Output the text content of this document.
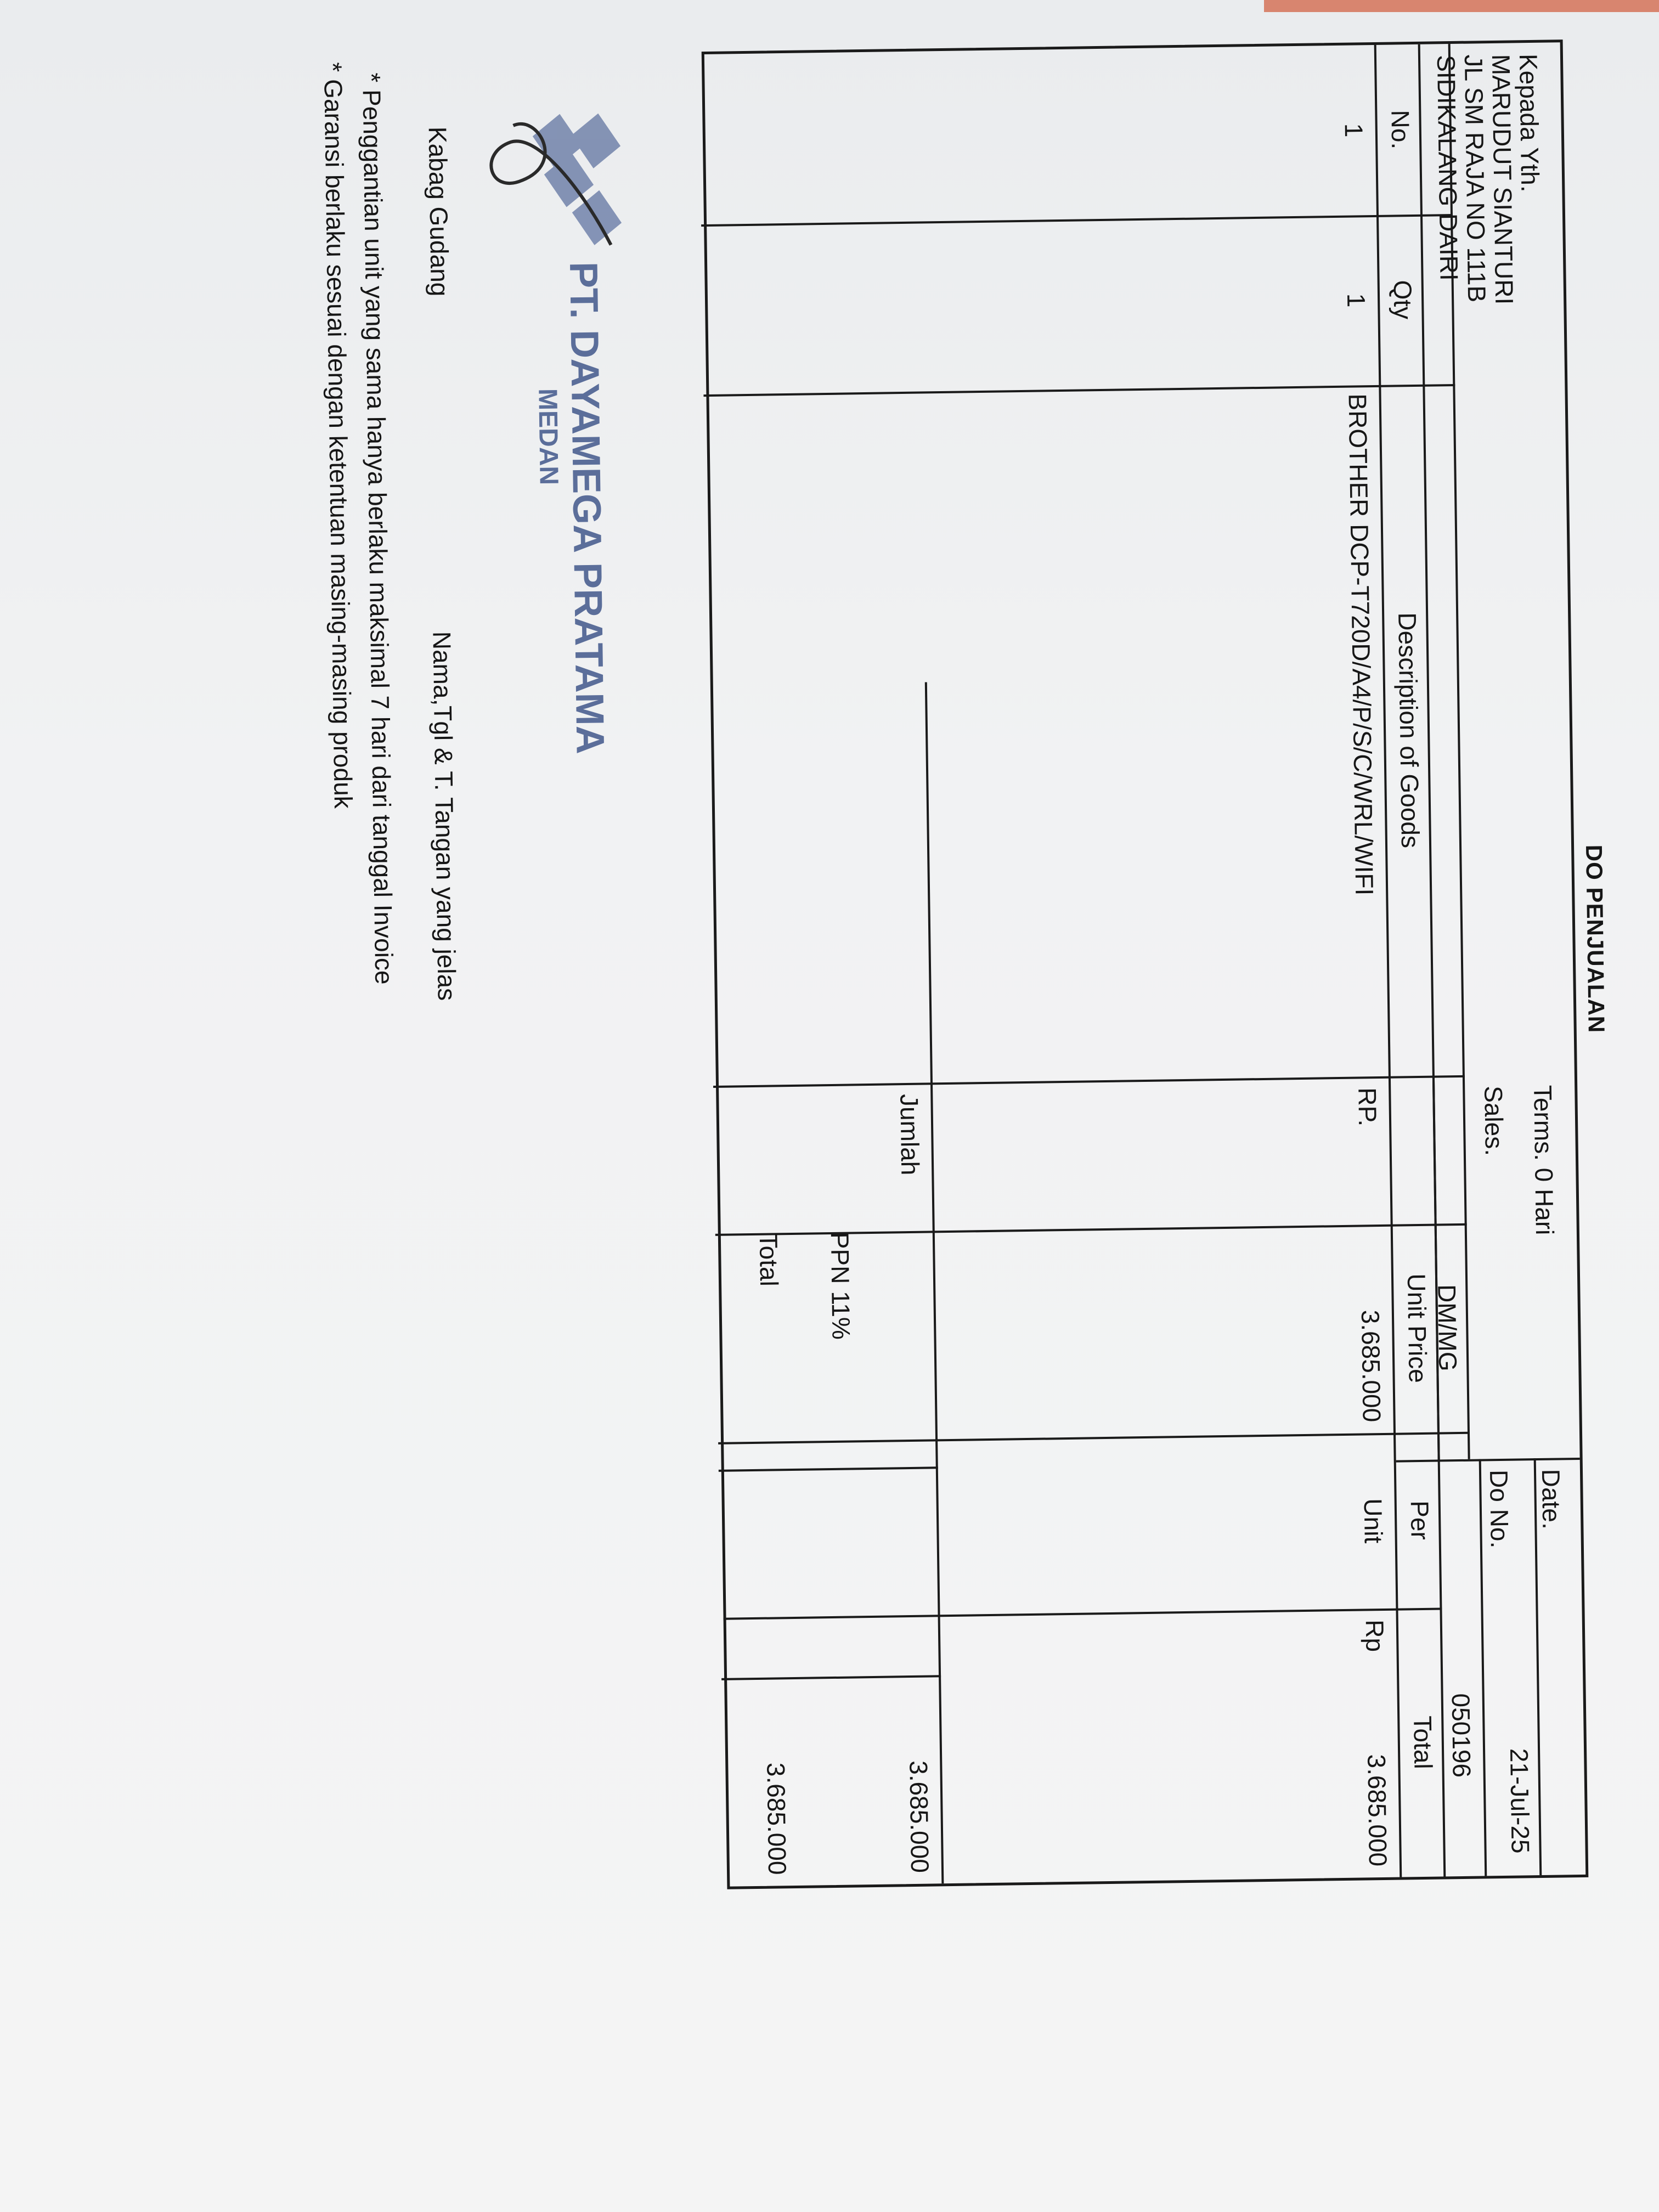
DO PENJUALAN
Kepada Yth.
MARUDUT SIANTURI
JL SM RAJA NO 111B
SIDIKALANG DAIRI
Terms. 0 Hari
Sales.
DM/MG
Date.
21-Jul-25
Do No.
050196
No.
Qty
Description of Goods
Unit Price
Per
Total
1
1
BROTHER DCP-T720D/A4/P/S/C/WRL/WIFI
RP.
3.685.000
Unit
Rp
3.685.000
Jumlah
3.685.000
PPN 11%
Total
3.685.000
PT. DAYAMEGA PRATAMA
MEDAN
Kabag Gudang
Nama,Tgl & T. Tangan yang jelas
* Penggantian unit yang sama hanya berlaku maksimal 7 hari dari tanggal Invoice
* Garansi berlaku sesuai dengan ketentuan masing-masing produk
